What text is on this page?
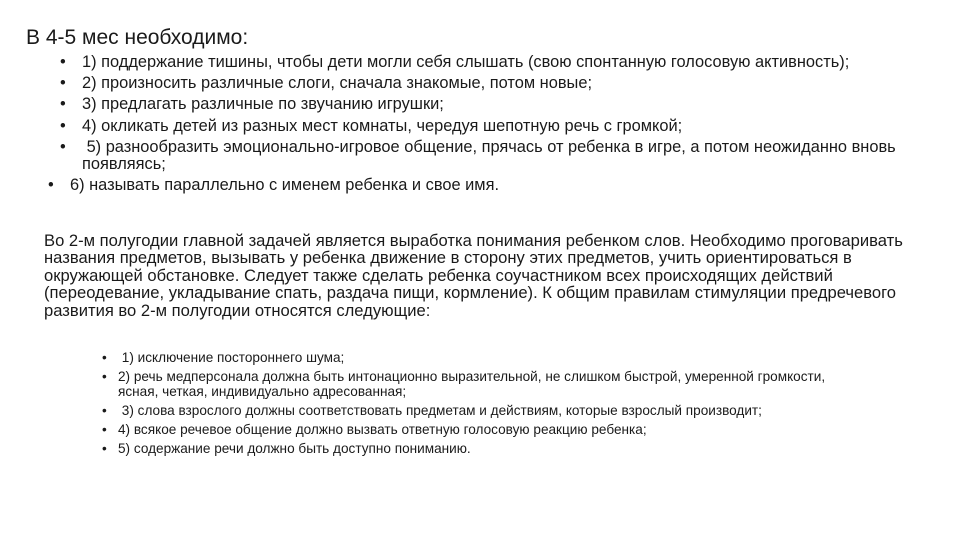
В 4-5 мес необходимо:
• 1) поддержание тишины, чтобы дети могли себя слышать (свою спонтанную голосовую активность);
• 2) произносить различные слоги, сначала знакомые, потом новые;
• 3) предлагать различные по звучанию игрушки;
• 4) окликать детей из разных мест комнаты, чередуя шепотную речь с громкой;
• 5) разнообразить эмоционально-игровое общение, прячась от ребенка в игре, а потом неожиданно вновь появляясь;
• 6) называть параллельно с именем ребенка и свое имя.

Во 2-м полугодии главной задачей является выработка понимания ребенком слов. Необходимо проговаривать названия предметов, вызывать у ребенка движение в сторону этих предметов, учить ориентироваться в окружающей обстановке. Следует также сделать ребенка соучастником всех происходящих действий (переодевание, укладывание спать, раздача пищи, кормление). К общим правилам стимуляции предречевого развития во 2-м полугодии относятся следующие:

• 1) исключение постороннего шума;
• 2) речь медперсонала должна быть интонационно выразительной, не слишком быстрой, умеренной громкости, ясная, четкая, индивидуально адресованная;
• 3) слова взрослого должны соответствовать предметам и действиям, которые взрослый производит;
• 4) всякое речевое общение должно вызвать ответную голосовую реакцию ребенка;
• 5) содержание речи должно быть доступно пониманию.
